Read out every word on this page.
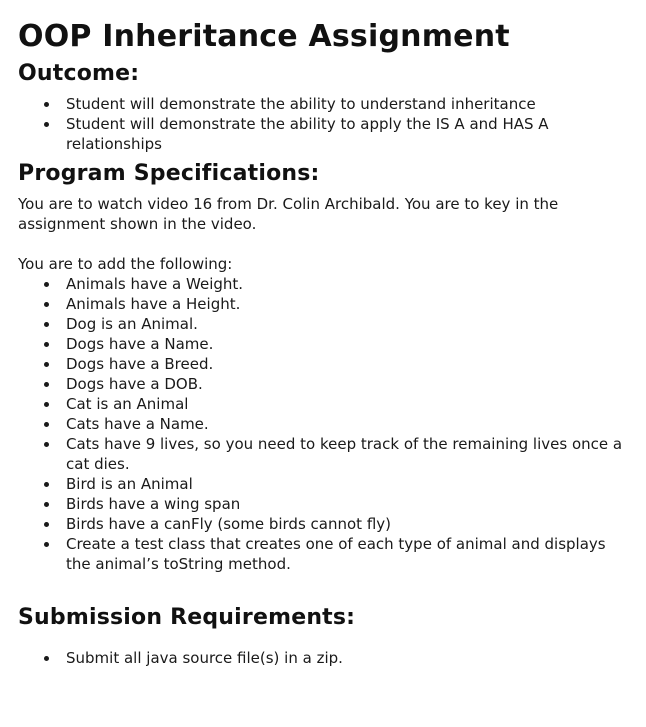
OOP Inheritance Assignment
Outcome:
Student will demonstrate the ability to understand inheritance
Student will demonstrate the ability to apply the IS A and HAS A relationships
Program Specifications:

You are to watch video 16 from Dr. Colin Archibald. You are to key in the assignment shown in the video.

You are to add the following:

Animals have a Weight.
Animals have a Height.
Dog is an Animal.
Dogs have a Name.
Dogs have a Breed.
Dogs have a DOB.
Cat is an Animal
Cats have a Name.
Cats have 9 lives, so you need to keep track of the remaining lives once a cat dies.
Bird is an Animal
Birds have a wing span
Birds have a canFly (some birds cannot fly)
Create a test class that creates one of each type of animal and displays the animal’s toString method.
Submission Requirements:
Submit all java source file(s) in a zip.
